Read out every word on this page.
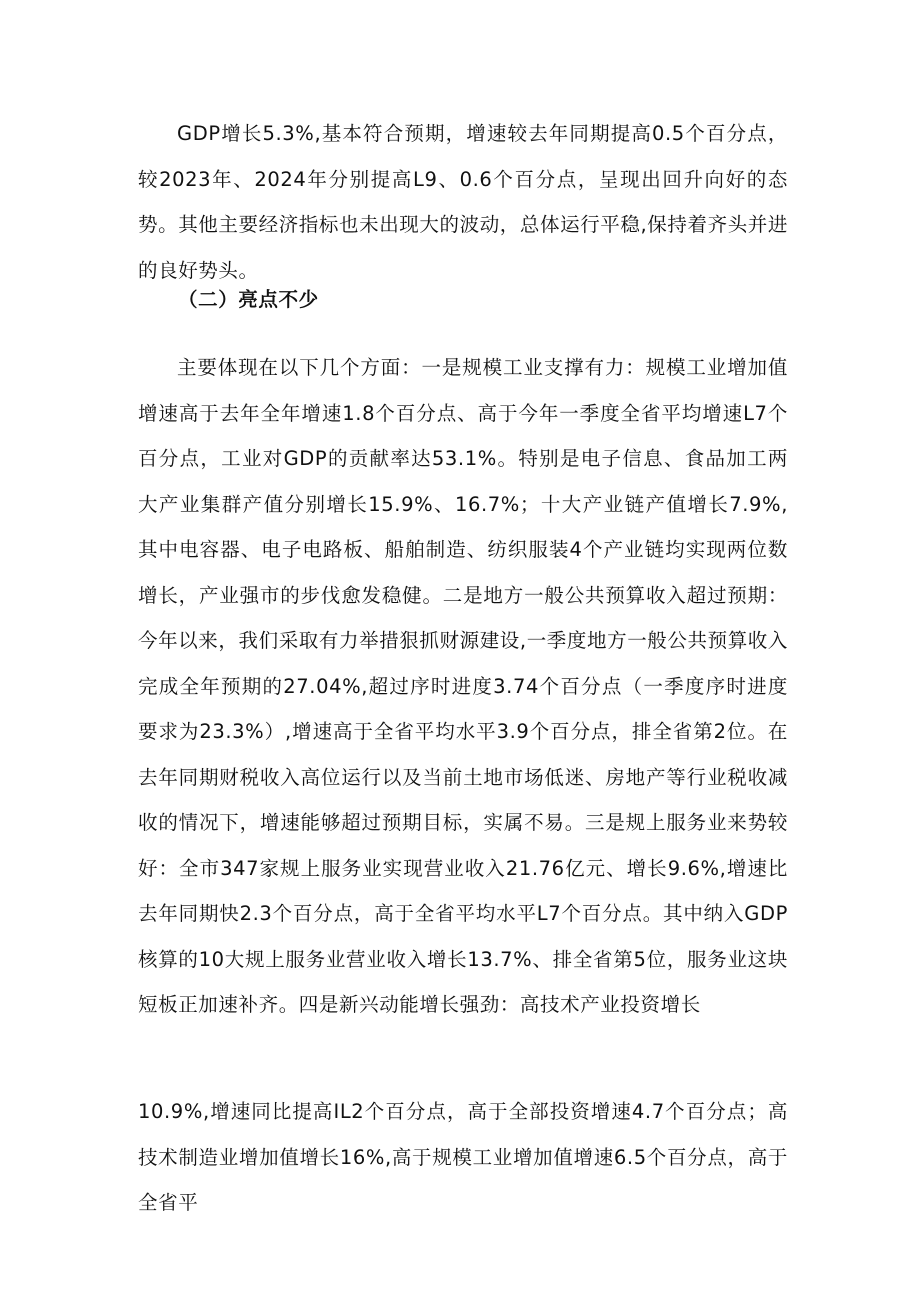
GDP增长5.3%,基本符合预期，增速较去年同期提高0.5个百分点，较2023年、2024年分别提高L9、0.6个百分点，呈现出回升向好的态势。其他主要经济指标也未出现大的波动，总体运行平稳,保持着齐头并进的良好势头。

（二）亮点不少

主要体现在以下几个方面：一是规模工业支撑有力：规模工业增加值增速高于去年全年增速1.8个百分点、高于今年一季度全省平均增速L7个百分点，工业对GDP的贡献率达53.1%。特别是电子信息、食品加工两大产业集群产值分别增长15.9%、16.7%；十大产业链产值增长7.9%,其中电容器、电子电路板、船舶制造、纺织服装4个产业链均实现两位数增长，产业强市的步伐愈发稳健。二是地方一般公共预算收入超过预期：今年以来，我们采取有力举措狠抓财源建设,一季度地方一般公共预算收入完成全年预期的27.04%,超过序时进度3.74个百分点（一季度序时进度要求为23.3%）,增速高于全省平均水平3.9个百分点，排全省第2位。在去年同期财税收入高位运行以及当前土地市场低迷、房地产等行业税收减收的情况下，增速能够超过预期目标，实属不易。三是规上服务业来势较好：全市347家规上服务业实现营业收入21.76亿元、增长9.6%,增速比去年同期快2.3个百分点，高于全省平均水平L7个百分点。其中纳入GDP核算的10大规上服务业营业收入增长13.7%、排全省第5位，服务业这块短板正加速补齐。四是新兴动能增长强劲：高技术产业投资增长

10.9%,增速同比提高IL2个百分点，高于全部投资增速4.7个百分点；高技术制造业增加值增长16%,高于规模工业增加值增速6.5个百分点，高于全省平
